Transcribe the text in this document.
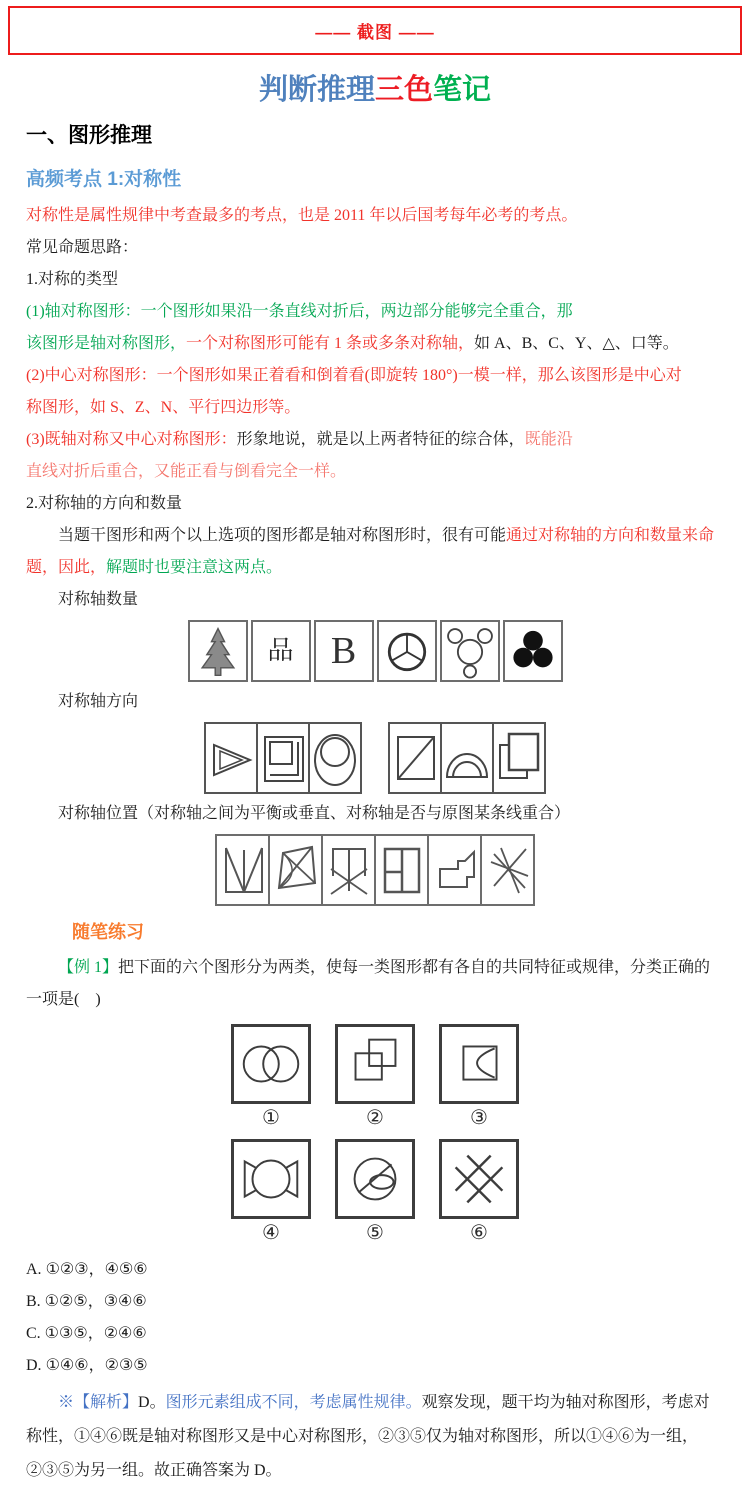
—— 截图 ——
判断推理三色笔记
一、图形推理
高频考点 1:对称性
对称性是属性规律中考查最多的考点，也是 2011 年以后国考每年必考的考点。
常见命题思路：
1.对称的类型
(1)轴对称图形：一个图形如果沿一条直线对折后，两边部分能够完全重合，那
该图形是轴对称图形，一个对称图形可能有 1 条或多条对称轴，如 A、B、C、Y、△、口等。
(2)中心对称图形：一个图形如果正着看和倒着看(即旋转 180°)一模一样，那么该图形是中心对
称图形，如 S、Z、N、平行四边形等。
(3)既轴对称又中心对称图形：形象地说，就是以上两者特征的综合体，既能沿
直线对折后重合，又能正看与倒看完全一样。
2.对称轴的方向和数量
当题干图形和两个以上选项的图形都是轴对称图形时，很有可能通过对称轴的方向和数量来命
题，因此，解题时也要注意这两点。
对称轴数量
品 B
对称轴方向
对称轴位置（对称轴之间为平衡或垂直、对称轴是否与原图某条线重合）
随笔练习
【例 1】把下面的六个图形分为两类，使每一类图形都有各自的共同特征或规律，分类正确的
一项是(　)
①	②	③
④	⑤	⑥
A. ①②③，④⑤⑥
B. ①②⑤，③④⑥
C. ①③⑤，②④⑥
D. ①④⑥，②③⑤
※【解析】D。图形元素组成不同，考虑属性规律。观察发现，题干均为轴对称图形，考虑对
称性，①④⑥既是轴对称图形又是中心对称图形，②③⑤仅为轴对称图形，所以①④⑥为一组，
②③⑤为另一组。故正确答案为 D。
